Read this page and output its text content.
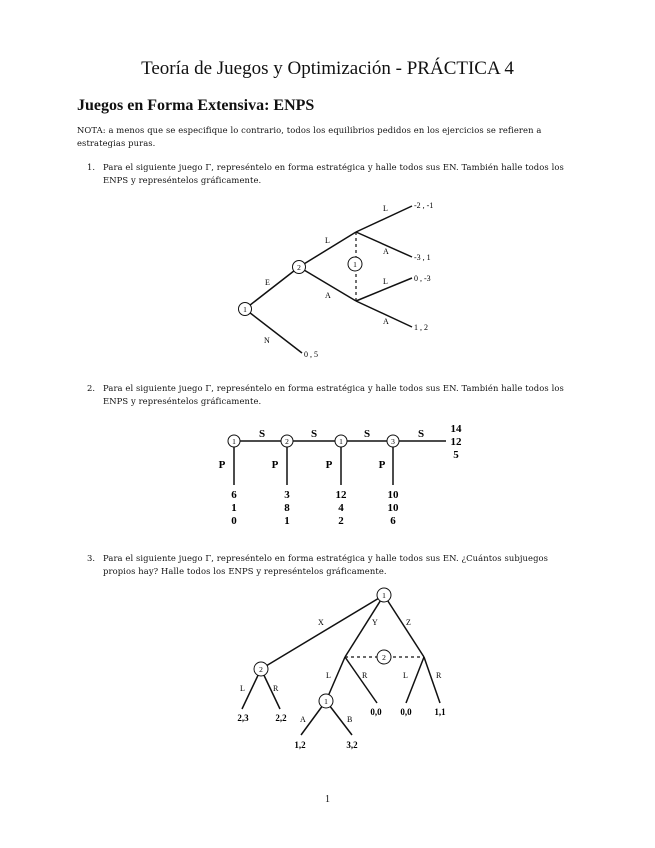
Teoría de Juegos y Optimización - PRÁCTICA 4
Juegos en Forma Extensiva: ENPS
NOTA: a menos que se especifique lo contrario, todos los equilibrios pedidos en los ejercicios se refieren a estrategias puras.
1. Para el siguiente juego Γ, represéntelo en forma estratégica y halle todos sus EN. También halle todos los ENPS y represéntelos gráficamente.
1
2	1
E
N
L
A
L
A
L
A
-2 , -1
-3 , 1
0 , -3
1 , 2
0 , 5
2. Para el siguiente juego Γ, represéntelo en forma estratégica y halle todos sus EN. También halle todos los ENPS y represéntelos gráficamente.
1	2	1	3
S	S	S	S
P	P	P	P
6
1
0
3
8
1
12
4
2
10
10
6
14
12
5
3. Para el siguiente juego Γ, represéntelo en forma estratégica y halle todos sus EN. ¿Cuántos subjuegos propios hay? Halle todos los ENPS y represéntelos gráficamente.
1
2
2
1
X	Y	Z
L	R
L	R	L	R
A	B
2,3	2,2
0,0 0,0	1,1
1,2	3,2
1
